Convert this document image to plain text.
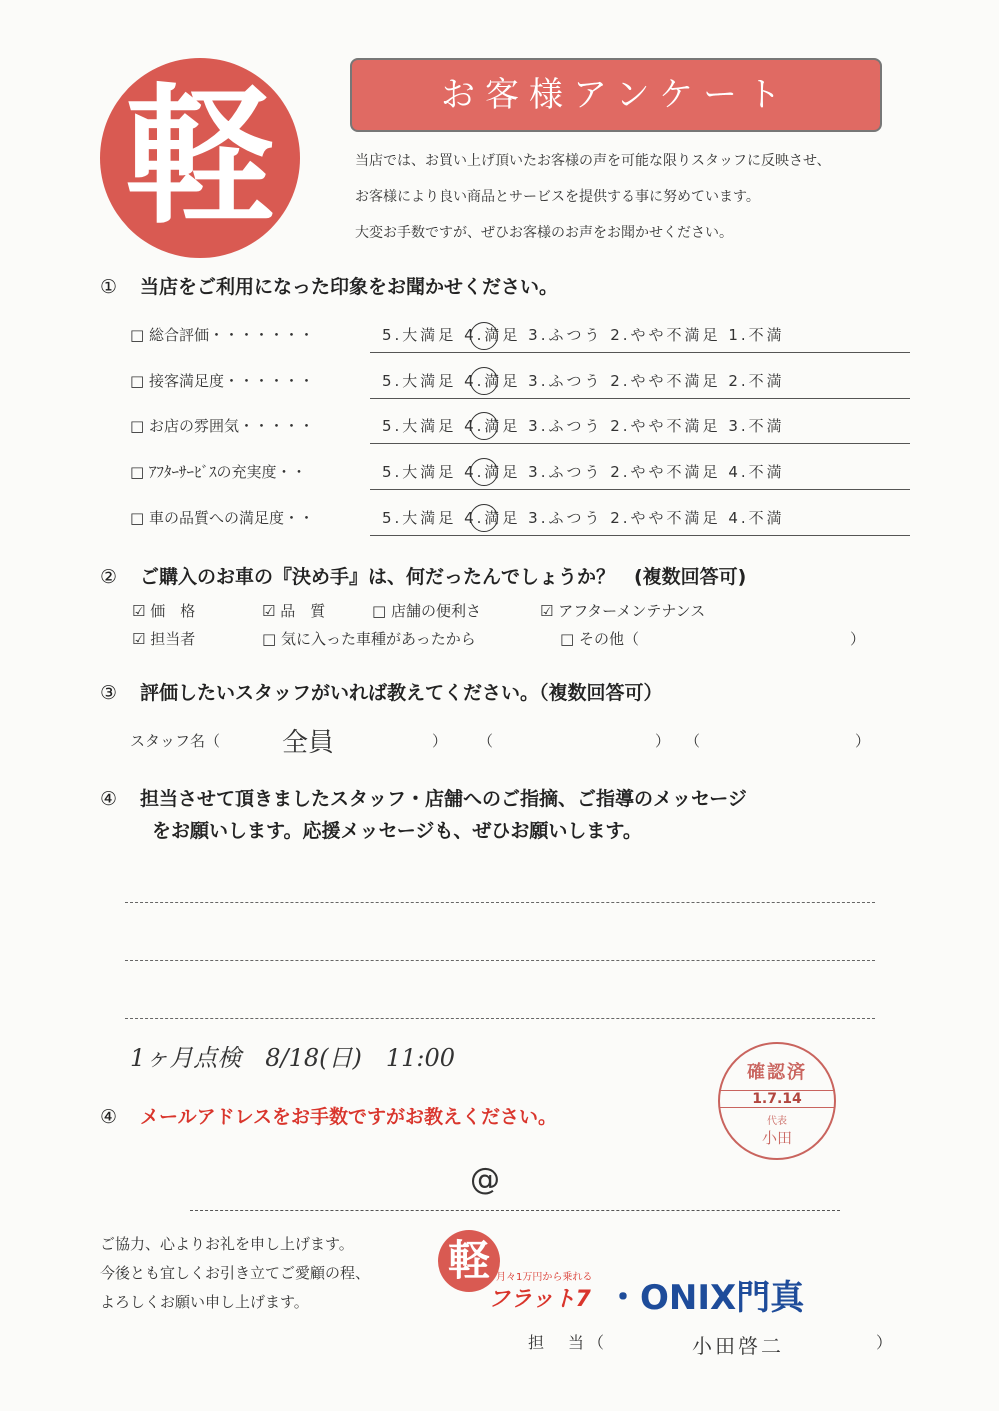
軽	お客様アンケート
当店では、お買い上げ頂いたお客様の声を可能な限りスタッフに反映させ、
お客様により良い商品とサービスを提供する事に努めています。
大変お手数ですが、ぜひお客様のお声をお聞かせください。
① 当店をご利用になった印象をお聞かせください。
□ 総合評価・・・・・・・	5.大満足 4.満足 3.ふつう 2.やや不満足 1.不満
□ 接客満足度・・・・・・	5.大満足 4.満足 3.ふつう 2.やや不満足 2.不満
□ お店の雰囲気・・・・・	5.大満足 4.満足 3.ふつう 2.やや不満足 3.不満
□ ｱﾌﾀｰｻｰﾋﾞｽの充実度・・	5.大満足 4.満足 3.ふつう 2.やや不満足 4.不満
□ 車の品質への満足度・・	5.大満足 4.満足 3.ふつう 2.やや不満足 4.不満
② ご購入のお車の『決め手』は、何だったんでしょうか？　(複数回答可)
☑ 価　格	☑ 品　質	□ 店舗の便利さ	☑ アフターメンテナンス
☑ 担当者	□ 気に入った車種があったから	□ その他（	）
③ 評価したいスタッフがいれば教えてください。（複数回答可）
スタッフ名（ 全員	） （	） （	）
④ 担当させて頂きましたスタッフ・店舗へのご指摘、ご指導のメッセージ
をお願いします。応援メッセージも、ぜひお願いします。
1ヶ月点検　8/18(日)　11:00
確認済
1.7.14
代表
小田
④ メールアドレスをお手数ですがお教えください。
@
ご協力、心よりお礼を申し上げます。
今後とも宜しくお引き立てご愛顧の程、
よろしくお願い申し上げます。
軽 月々1万円から乗れる
フラット7 ・ ONIX門真
担　当（	小田啓二	）
